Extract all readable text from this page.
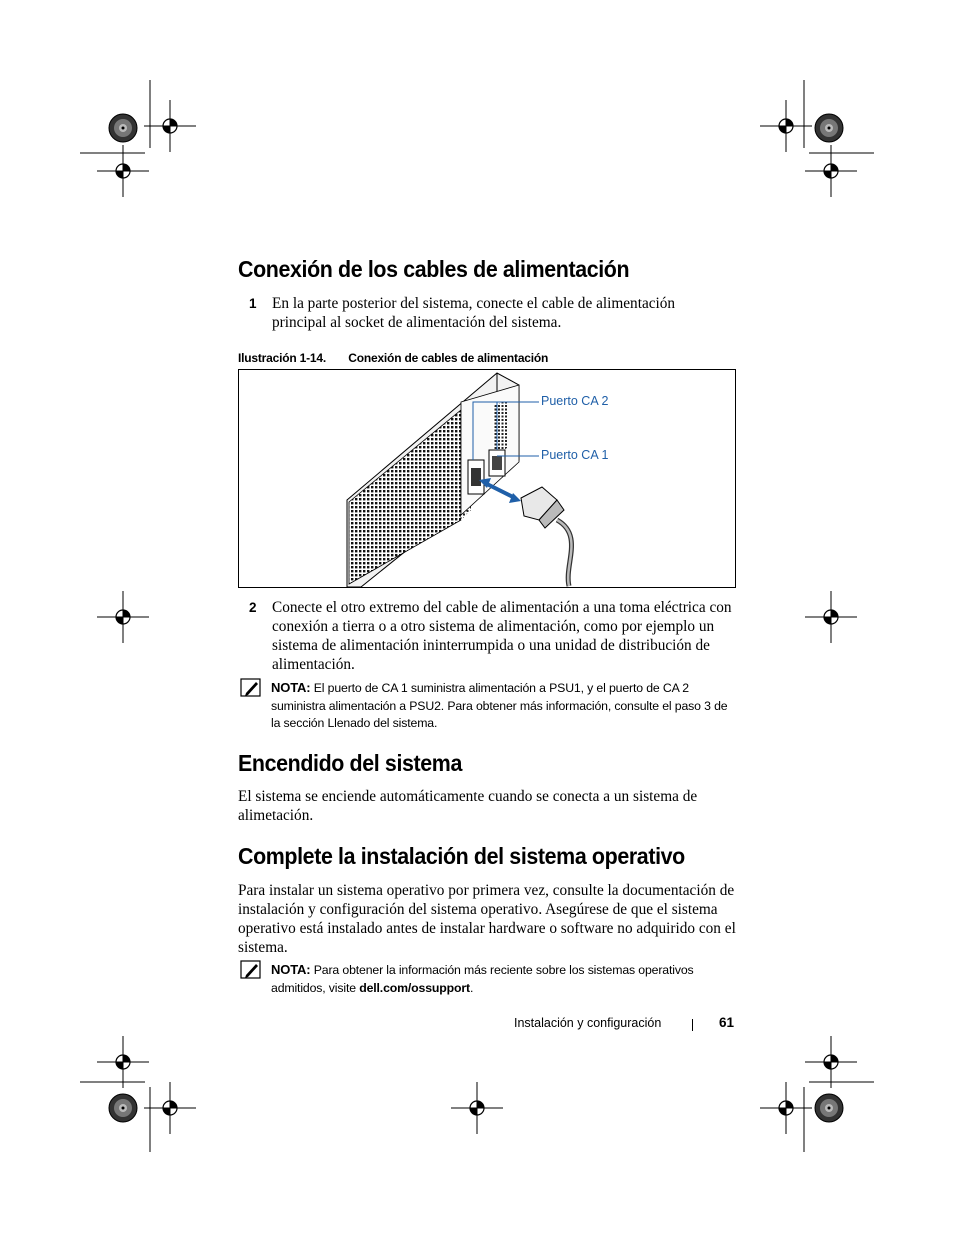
Conexión de los cables de alimentación
1 En la parte posterior del sistema, conecte el cable de alimentación principal al socket de alimentación del sistema.
Ilustración 1-14. Conexión de cables de alimentación
Puerto CA 2
Puerto CA 1
2 Conecte el otro extremo del cable de alimentación a una toma eléctrica con conexión a tierra o a otro sistema de alimentación, como por ejemplo un sistema de alimentación ininterrumpida o una unidad de distribución de alimentación.
NOTA: El puerto de CA 1 suministra alimentación a PSU1, y el puerto de CA 2 suministra alimentación a PSU2. Para obtener más información, consulte el paso 3 de la sección Llenado del sistema.
Encendido del sistema
El sistema se enciende automáticamente cuando se conecta a un sistema de alimetación.
Complete la instalación del sistema operativo
Para instalar un sistema operativo por primera vez, consulte la documentación de instalación y configuración del sistema operativo. Asegúrese de que el sistema operativo está instalado antes de instalar hardware o software no adquirido con el sistema.
NOTA: Para obtener la información más reciente sobre los sistemas operativos admitidos, visite dell.com/ossupport.
Instalación y configuración	61
